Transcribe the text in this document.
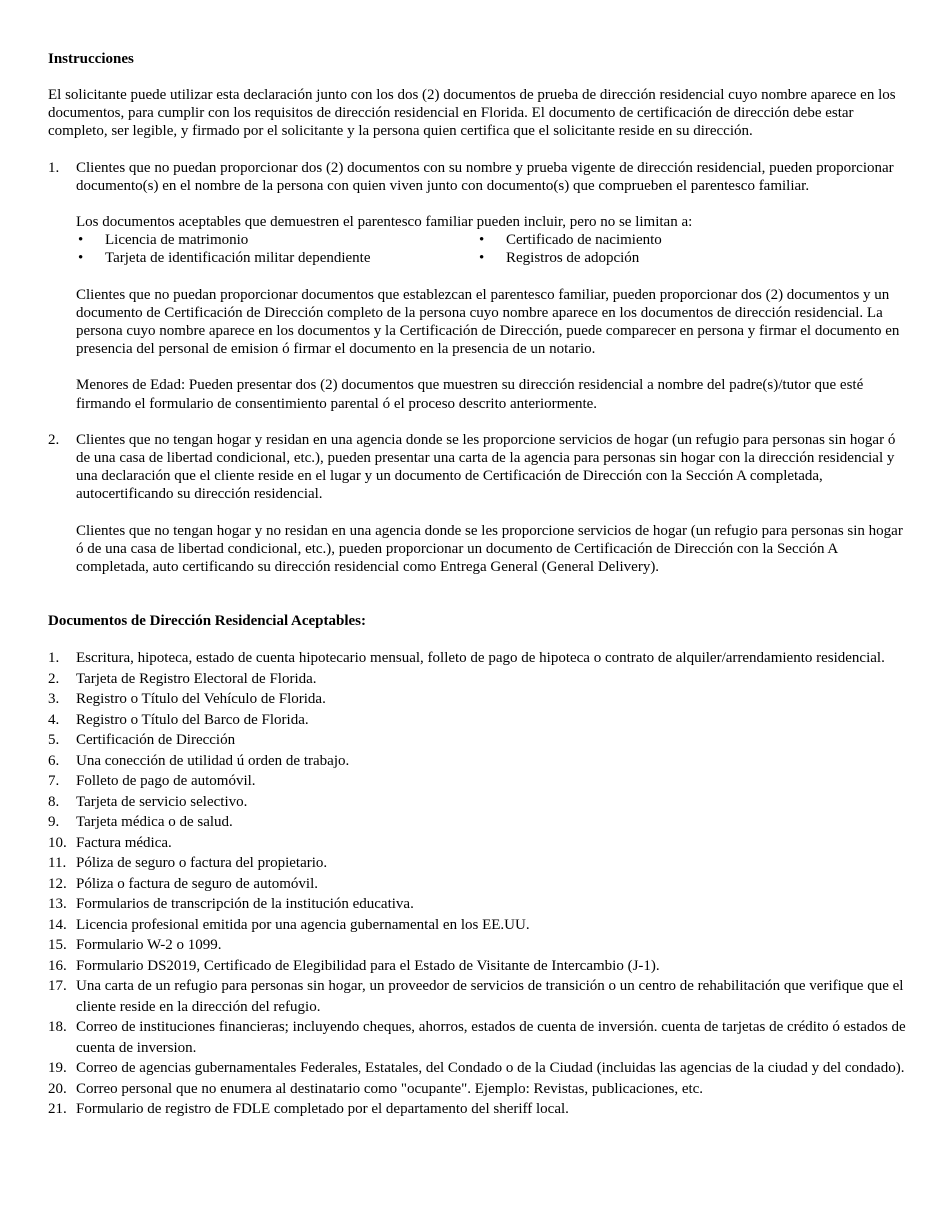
Instrucciones

El solicitante puede utilizar esta declaración junto con los dos (2) documentos de prueba de dirección residencial cuyo nombre aparece en los documentos, para cumplir con los requisitos de dirección residencial en Florida. El documento de certificación de dirección debe estar completo, ser legible, y firmado por el solicitante y la persona quien certifica que el solicitante reside en su dirección.

1. Clientes que no puedan proporcionar dos (2) documentos con su nombre y prueba vigente de dirección residencial, pueden proporcionar documento(s) en el nombre de la persona con quien viven junto con documento(s) que comprueben el parentesco familiar.

Los documentos aceptables que demuestren el parentesco familiar pueden incluir, pero no se limitan a:

• Licencia de matrimonio	• Certificado de nacimiento
• Tarjeta de identificación militar dependiente	• Registros de adopción

Clientes que no puedan proporcionar documentos que establezcan el parentesco familiar, pueden proporcionar dos (2) documentos y un documento de Certificación de Dirección completo de la persona cuyo nombre aparece en los documentos de dirección residencial. La persona cuyo nombre aparece en los documentos y la Certificación de Dirección, puede comparecer en persona y firmar el documento en presencia del personal de emision ó firmar el documento en la presencia de un notario.

Menores de Edad: Pueden presentar dos (2) documentos que muestren su dirección residencial a nombre del padre(s)/tutor que esté firmando el formulario de consentimiento parental ó el proceso descrito anteriormente.

2. Clientes que no tengan hogar y residan en una agencia donde se les proporcione servicios de hogar (un refugio para personas sin hogar ó de una casa de libertad condicional, etc.), pueden presentar una carta de la agencia para personas sin hogar con la dirección residencial y una declaración que el cliente reside en el lugar y un documento de Certificación de Dirección con la Sección A completada, autocertificando su dirección residencial.

Clientes que no tengan hogar y no residan en una agencia donde se les proporcione servicios de hogar (un refugio para personas sin hogar ó de una casa de libertad condicional, etc.), pueden proporcionar un documento de Certificación de Dirección con la Sección A completada, auto certificando su dirección residencial como Entrega General (General Delivery).

Documentos de Dirección Residencial Aceptables:
1. Escritura, hipoteca, estado de cuenta hipotecario mensual, folleto de pago de hipoteca o contrato de alquiler/arrendamiento residencial.
2. Tarjeta de Registro Electoral de Florida.
3. Registro o Título del Vehículo de Florida.
4. Registro o Título del Barco de Florida.
5. Certificación de Dirección
6. Una conección de utilidad ú orden de trabajo.
7. Folleto de pago de automóvil.
8. Tarjeta de servicio selectivo.
9. Tarjeta médica o de salud.
10. Factura médica.
11. Póliza de seguro o factura del propietario.
12. Póliza o factura de seguro de automóvil.
13. Formularios de transcripción de la institución educativa.
14. Licencia profesional emitida por una agencia gubernamental en los EE.UU.
15. Formulario W-2 o 1099.
16. Formulario DS2019, Certificado de Elegibilidad para el Estado de Visitante de Intercambio (J-1).
17. Una carta de un refugio para personas sin hogar, un proveedor de servicios de transición o un centro de rehabilitación que verifique que el cliente reside en la dirección del refugio.
18. Correo de instituciones financieras; incluyendo cheques, ahorros, estados de cuenta de inversión. cuenta de tarjetas de crédito ó estados de cuenta de inversion.
19. Correo de agencias gubernamentales Federales, Estatales, del Condado o de la Ciudad (incluidas las agencias de la ciudad y del condado).
20. Correo personal que no enumera al destinatario como "ocupante". Ejemplo: Revistas, publicaciones, etc.
21. Formulario de registro de FDLE completado por el departamento del sheriff local.
